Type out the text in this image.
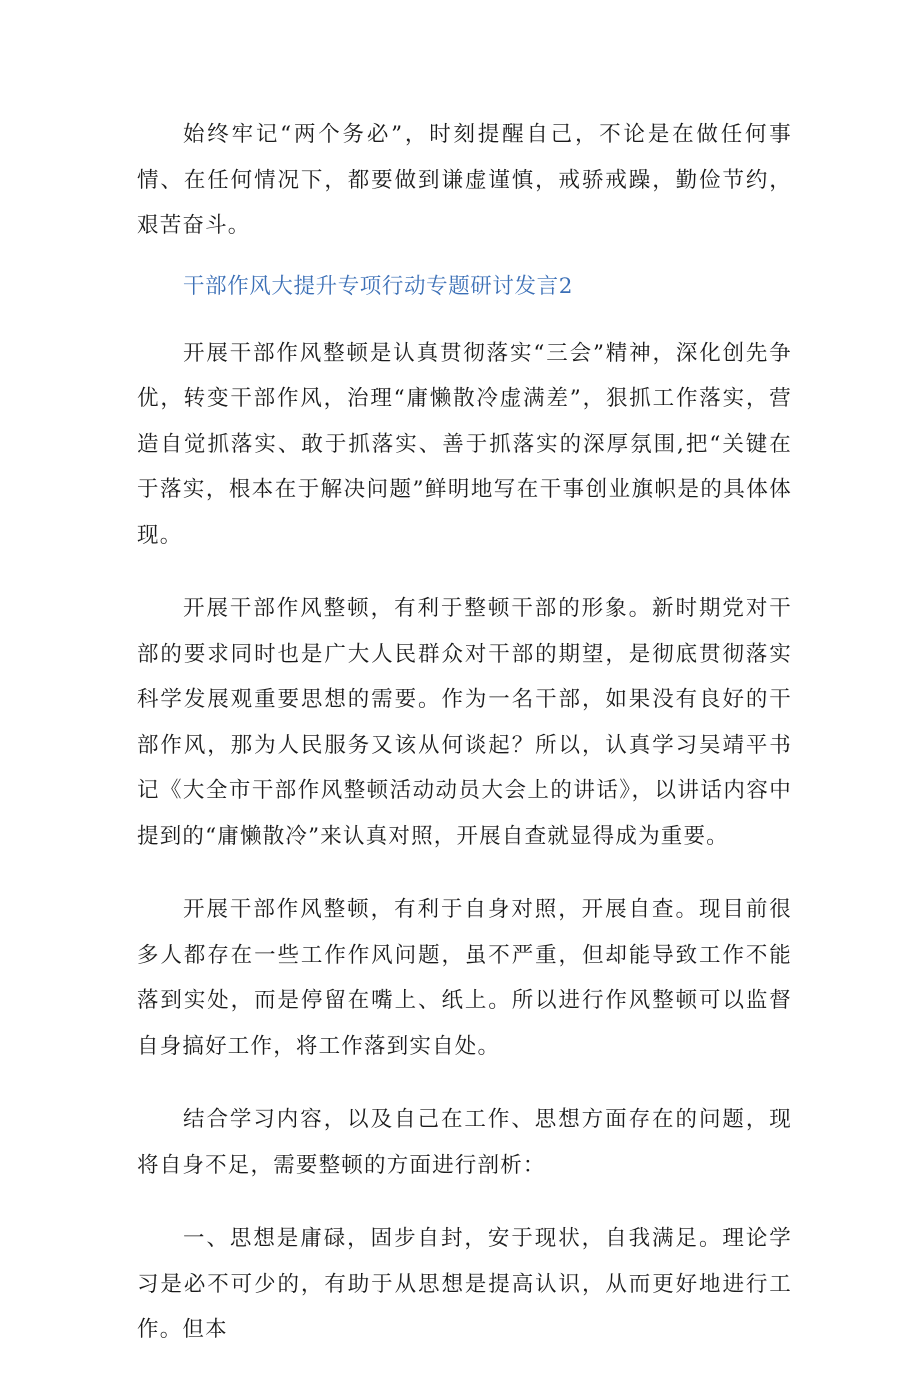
始终牢记“两个务必”，时刻提醒自己，不论是在做任何事情、在任何情况下，都要做到谦虚谨慎，戒骄戒躁，勤俭节约，艰苦奋斗。

干部作风大提升专项行动专题研讨发言2

开展干部作风整顿是认真贯彻落实“三会”精神，深化创先争优，转变干部作风，治理“庸懒散冷虚满差”，狠抓工作落实，营造自觉抓落实、敢于抓落实、善于抓落实的深厚氛围,把“关键在于落实，根本在于解决问题”鲜明地写在干事创业旗帜是的具体体现。

开展干部作风整顿，有利于整顿干部的形象。新时期党对干部的要求同时也是广大人民群众对干部的期望，是彻底贯彻落实科学发展观重要思想的需要。作为一名干部，如果没有良好的干部作风，那为人民服务又该从何谈起？所以，认真学习吴靖平书记《大全市干部作风整顿活动动员大会上的讲话》，以讲话内容中提到的“庸懒散冷”来认真对照，开展自查就显得成为重要。

开展干部作风整顿，有利于自身对照，开展自查。现目前很多人都存在一些工作作风问题，虽不严重，但却能导致工作不能落到实处，而是停留在嘴上、纸上。所以进行作风整顿可以监督自身搞好工作，将工作落到实自处。

结合学习内容，以及自己在工作、思想方面存在的问题，现将自身不足，需要整顿的方面进行剖析：

一、思想是庸碌，固步自封，安于现状，自我满足。理论学习是必不可少的，有助于从思想是提高认识，从而更好地进行工作。但本
